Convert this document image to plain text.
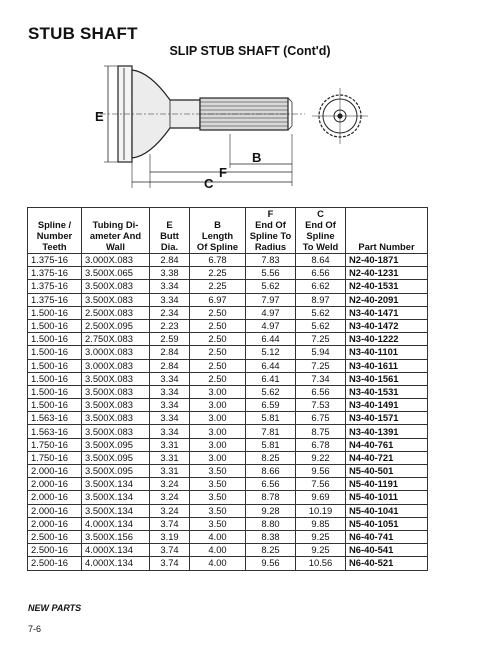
STUB SHAFT
SLIP STUB SHAFT (Cont'd)
E
B
F
C
Spline /
Number
Teeth	Tubing Di-
ameter And
Wall	E
Butt
Dia.	B
Length
Of Spline	F
End Of
Spline To
Radius	C
End Of
Spline
To Weld	Part Number
1.375-16	3.000X.083	2.84	6.78	7.83	8.64	N2-40-1871
1.375-16	3.500X.065	3.38	2.25	5.56	6.56	N2-40-1231
1.375-16	3.500X.083	3.34	2.25	5.62	6.62	N2-40-1531
1.375-16	3.500X.083	3.34	6.97	7.97	8.97	N2-40-2091
1.500-16	2.500X.083	2.34	2.50	4.97	5.62	N3-40-1471
1.500-16	2.500X.095	2.23	2.50	4.97	5.62	N3-40-1472
1.500-16	2.750X.083	2.59	2.50	6.44	7.25	N3-40-1222
1.500-16	3.000X.083	2.84	2.50	5.12	5.94	N3-40-1101
1.500-16	3.000X.083	2.84	2.50	6.44	7.25	N3-40-1611
1.500-16	3.500X.083	3.34	2.50	6.41	7.34	N3-40-1561
1.500-16	3.500X.083	3.34	3.00	5.62	6.56	N3-40-1531
1.500-16	3.500X.083	3.34	3.00	6.59	7.53	N3-40-1491
1.563-16	3.500X.083	3.34	3.00	5.81	6.75	N3-40-1571
1.563-16	3.500X.083	3.34	3.00	7.81	8.75	N3-40-1391
1.750-16	3.500X.095	3.31	3.00	5.81	6.78	N4-40-761
1.750-16	3.500X.095	3.31	3.00	8.25	9.22	N4-40-721
2.000-16	3.500X.095	3.31	3.50	8.66	9.56	N5-40-501
2.000-16	3.500X.134	3.24	3.50	6.56	7.56	N5-40-1191
2.000-16	3.500X.134	3.24	3.50	8.78	9.69	N5-40-1011
2.000-16	3.500X.134	3.24	3.50	9.28	10.19	N5-40-1041
2.000-16	4.000X.134	3.74	3.50	8.80	9.85	N5-40-1051
2.500-16	3.500X.156	3.19	4.00	8.38	9.25	N6-40-741
2.500-16	4.000X.134	3.74	4.00	8.25	9.25	N6-40-541
2.500-16	4.000X.134	3.74	4.00	9.56	10.56	N6-40-521
NEW PARTS
7-6
